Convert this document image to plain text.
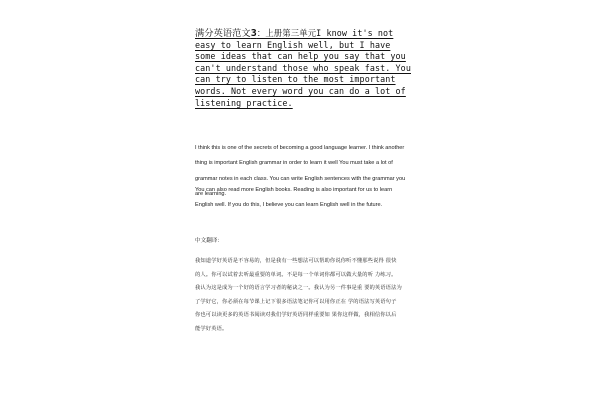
满分英语范文3：上册第三单元I know it's not easy to learn English well, but I have some ideas that can help you say that you can't understand those who speak fast. You can try to listen to the most important words. Not every word you can do a lot of listening practice.
I think this is one of the secrets of becoming a good language learner. I think another thing is important English grammar in order to learn it well You must take a lot of grammar notes in each class. You can write English sentences with the grammar you are learning.
You can also read more English books. Reading is also important for us to learn English well. If you do this, I believe you can learn English well in the future.
中文翻译：
我知道学好英语是不容易的，但是我有一些想法可以帮助你说你听不懂那些说得 很快
的人。你可以试着去听最重要的单词。不是每一个单词你都可以做大量的听 力练习。
我认为这是成为一个好的语言学习者的秘诀之一。我认为另一件事是重 要的英语语法为
了学好它，你必须在每节课上记下很多语法笔记你可以用你正在 学的语法写英语句子
你也可以读更多的英语书阅读对我们学好英语同样重要如 果你这样做，我相信你以后
能学好英语。
